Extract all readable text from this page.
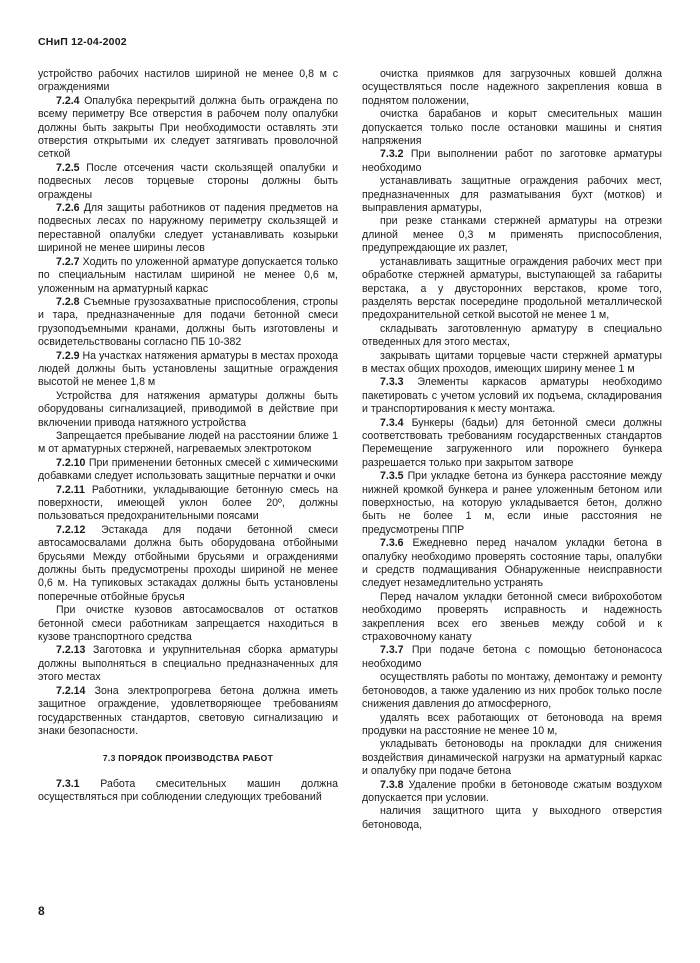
СНиП 12-04-2002

устройство рабочих настилов шириной не менее 0,8 м с ограждениями

7.2.4 Опалубка перекрытий должна быть ограждена по всему периметру Все отверстия в рабочем полу опалубки должны быть закрыты При необходимости оставлять эти отверстия открытыми их следует затягивать проволочной сеткой

7.2.5 После отсечения части скользящей опалубки и подвесных лесов торцевые стороны должны быть ограждены

7.2.6 Для защиты работников от падения предметов на подвесных лесах по наружному периметру скользящей и переставной опалубки следует устанавливать козырьки шириной не менее ширины лесов

7.2.7 Ходить по уложенной арматуре допускается только по специальным настилам шириной не менее 0,6 м, уложенным на арматурный каркас

7.2.8 Съемные грузозахватные приспособления, стропы и тара, предназначенные для подачи бетонной смеси грузоподъемными кранами, должны быть изготовлены и освидетельствованы согласно ПБ 10-382

7.2.9 На участках натяжения арматуры в местах прохода людей должны быть установлены защитные ограждения высотой не менее 1,8 м

Устройства для натяжения арматуры должны быть оборудованы сигнализацией, приводимой в действие при включении привода натяжного устройства

Запрещается пребывание людей на расстоянии ближе 1 м от арматурных стержней, нагреваемых электротоком

7.2.10 При применении бетонных смесей с химическими добавками следует использовать защитные перчатки и очки

7.2.11 Работники, укладывающие бетонную смесь на поверхности, имеющей уклон более 20º, должны пользоваться предохранительными поясами

7.2.12 Эстакада для подачи бетонной смеси автосамосвалами должна быть оборудована отбойными брусьями Между отбойными брусьями и ограждениями должны быть предусмотрены проходы шириной не менее 0,6 м. На тупиковых эстакадах должны быть установлены поперечные отбойные брусья

При очистке кузовов автосамосвалов от остатков бетонной смеси работникам запрещается находиться в кузове транспортного средства

7.2.13 Заготовка и укрупнительная сборка арматуры должны выполняться в специально предназначенных для этого местах

7.2.14 Зона электропрогрева бетона должна иметь защитное ограждение, удовлетворяющее требованиям государственных стандартов, световую сигнализацию и знаки безопасности.

7.3 ПОРЯДОК ПРОИЗВОДСТВА РАБОТ

7.3.1 Работа смесительных машин должна осуществляться при соблюдении следующих требований

очистка приямков для загрузочных ковшей должна осуществляться после надежного закрепления ковша в поднятом положении,

очистка барабанов и корыт смесительных машин допускается только после остановки машины и снятия напряжения

7.3.2 При выполнении работ по заготовке арматуры необходимо

устанавливать защитные ограждения рабочих мест, предназначенных для разматывания бухт (мотков) и выправления арматуры,

при резке станками стержней арматуры на отрезки длиной менее 0,3 м применять приспособления, предупреждающие их разлет,

устанавливать защитные ограждения рабочих мест при обработке стержней арматуры, выступающей за габариты верстака, а у двусторонних верстаков, кроме того, разделять верстак посередине продольной металлической предохранительной сеткой высотой не менее 1 м,

складывать заготовленную арматуру в специально отведенных для этого местах,

закрывать щитами торцевые части стержней арматуры в местах общих проходов, имеющих ширину менее 1 м

7.3.3 Элементы каркасов арматуры необходимо пакетировать с учетом условий их подъема, складирования и транспортирования к месту монтажа.

7.3.4 Бункеры (бадьи) для бетонной смеси должны соответствовать требованиям государственных стандартов Перемещение загруженного или порожнего бункера разрешается только при закрытом затворе

7.3.5 При укладке бетона из бункера расстояние между нижней кромкой бункера и ранее уложенным бетоном или поверхностью, на которую укладывается бетон, должно быть не более 1 м, если иные расстояния не предусмотрены ППР

7.3.6 Ежедневно перед началом укладки бетона в опалубку необходимо проверять состояние тары, опалубки и средств подмащивания Обнаруженные неисправности следует незамедлительно устранять

Перед началом укладки бетонной смеси виброхоботом необходимо проверять исправность и надежность закрепления всех его звеньев между собой и к страховочному канату

7.3.7 При подаче бетона с помощью бетононасоса необходимо

осуществлять работы по монтажу, демонтажу и ремонту бетоноводов, а также удалению из них пробок только после снижения давления до атмосферного,

удалять всех работающих от бетоновода на время продувки на расстояние не менее 10 м,

укладывать бетоноводы на прокладки для снижения воздействия динамической нагрузки на арматурный каркас и опалубку при подаче бетона

7.3.8 Удаление пробки в бетоноводе сжатым воздухом допускается при условии.

наличия защитного щита у выходного отверстия бетоновода,

8
